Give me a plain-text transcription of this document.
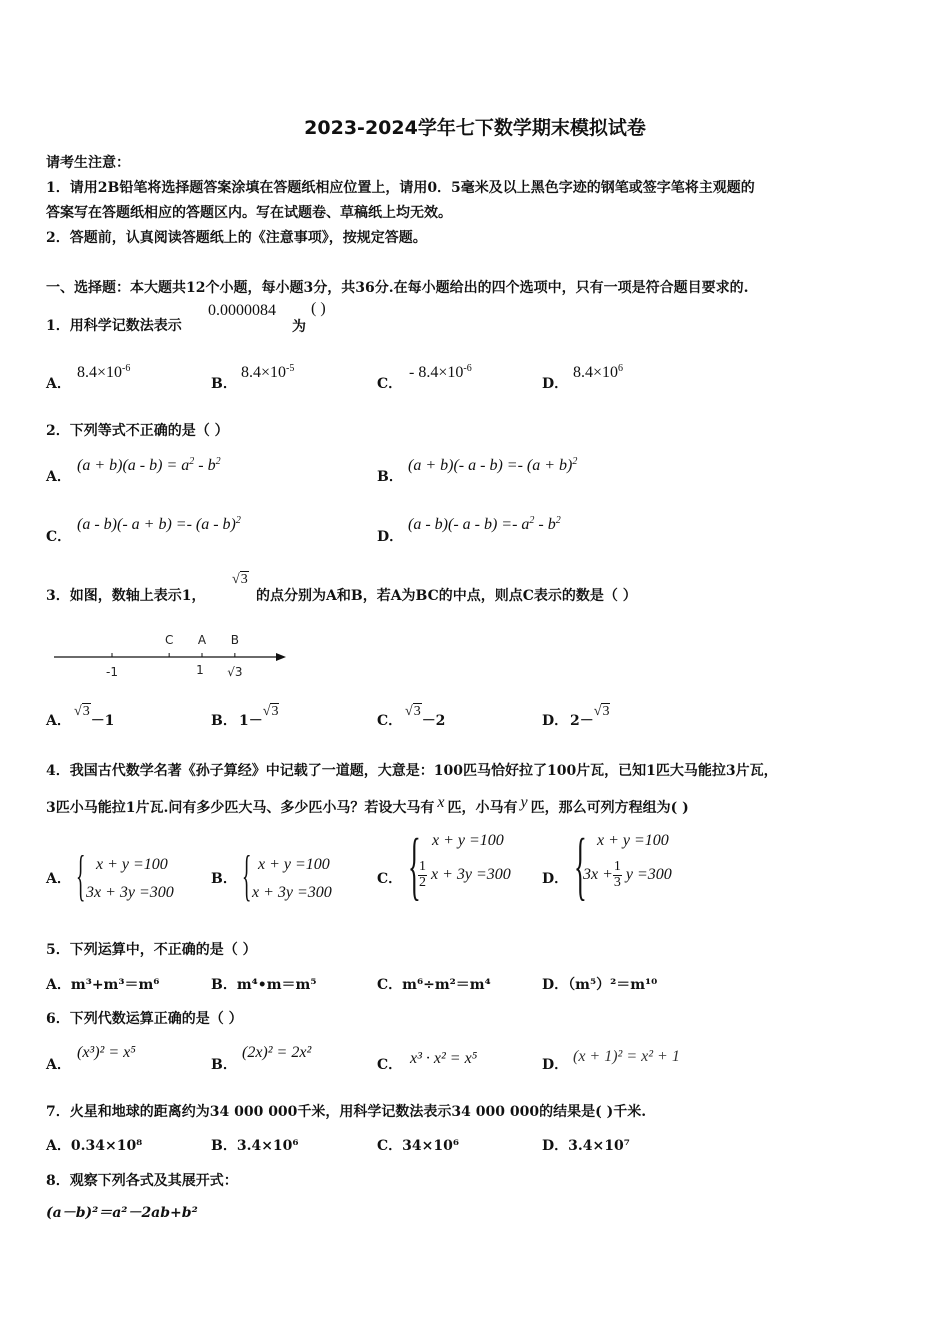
2023-2024学年七下数学期末模拟试卷
请考生注意：
1．请用2B铅笔将选择题答案涂填在答题纸相应位置上，请用0．5毫米及以上黑色字迹的钢笔或签字笔将主观题的
答案写在答题纸相应的答题区内。写在试题卷、草稿纸上均无效。
2．答题前，认真阅读答题纸上的《注意事项》，按规定答题。
一、选择题：本大题共12个小题，每小题3分，共36分.在每小题给出的四个选项中，只有一项是符合题目要求的.
1．用科学记数法表示
0.0000084
为
( )
A．
$8.4\times 10^{-6}$
B．
$8.4\times 10^{-5}$
C．
- $8.4\times 10^{-6}$
D．
$8.4\times 10^6$
2．下列等式不正确的是（ ）
A．
$(a + b)(a - b) = a^2 - b^2$
B．
(a + b)(- $a - b) =- (a + b)^2$
C．
(a - b)(- a + b) =- (a - b)$^2$
D．
(a - b)(- $a - b) =- a^2 - b^2$
3．如图，数轴上表示1，
√3
的点分别为A和B，若A为BC的中点，则点C表示的数是（ ）
C A B
-1	1 √3
A．
√3－1	B． 1－√3
C．
√3－2	D． 2－√3
4．我国古代数学名著《孙子算经》中记载了一道题，大意是：100匹马恰好拉了100片瓦，已知1匹大马能拉3片瓦，
3匹小马能拉1片瓦.问有多少匹大马、多少匹小马？若设大马有 x 匹，小马有 y 匹，那么可列方程组为( )
A． { x + y =100
3x + 3y =300
B． { x + y =100
x + 3y =300
C． { x + y =100
$\frac{1}{2}$ x + 3y =300 D． { x + y =100
$3x + \frac{1}{3}$ y =300
5．下列运算中，不正确的是（ ）
A．m³+m³＝m⁶	B．m⁴•m＝m⁵	C．m⁶÷m²＝m⁴	D．（m⁵）²＝m¹⁰
6．下列代数运算正确的是（ ）
A．
(x³)² = x⁵
B．
(2x)² = 2x²
C． x³ · x² = x⁵	D． (x + 1)² = x² + 1
7．火星和地球的距离约为34 000 000千米，用科学记数法表示34 000 000的结果是( )千米.
A．0.34×10⁸	B．3.4×10⁶	C．34×10⁶	D．3.4×10⁷
8．观察下列各式及其展开式：
(a－b)²＝a²－2ab+b²
